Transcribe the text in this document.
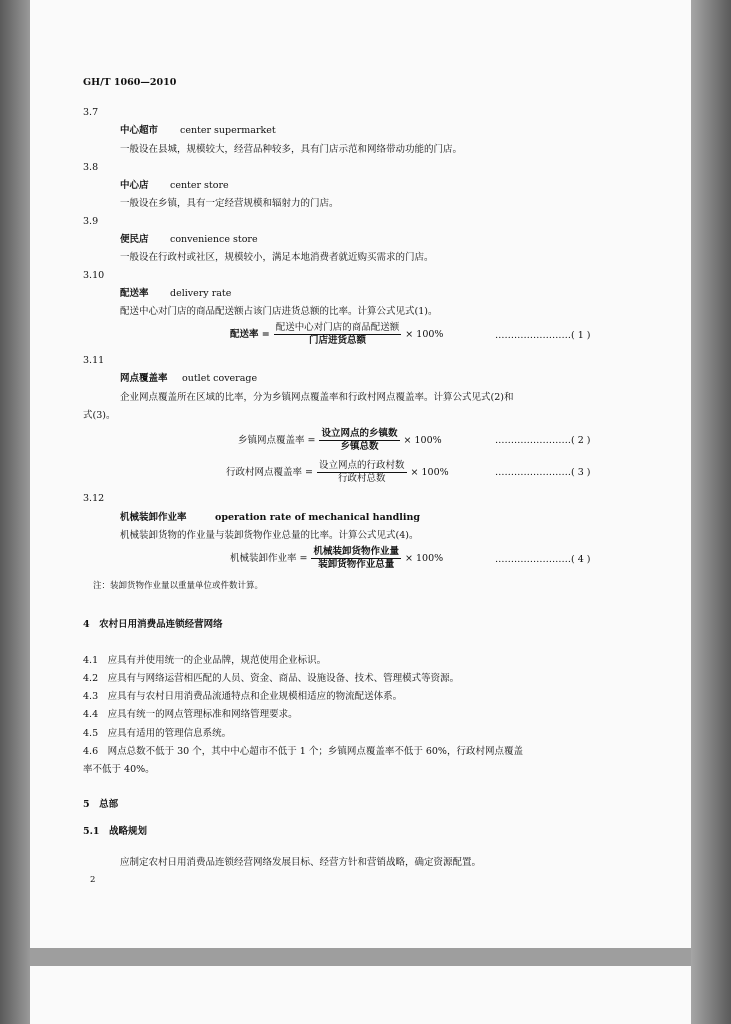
GH/T 1060—2010
3.7
中心超市 center supermarket
一般设在县城，规模较大，经营品种较多，具有门店示范和网络带动功能的门店。
3.8
中心店 center store
一般设在乡镇，具有一定经营规模和辐射力的门店。
3.9
便民店 convenience store
一般设在行政村或社区，规模较小，满足本地消费者就近购买需求的门店。
3.10
配送率 delivery rate
配送中心对门店的商品配送额占该门店进货总额的比率。计算公式见式(1)。
配送率 = $\frac{\text{配送中心对门店的商品配送额}}{\text{门店进货总额}} \times 100\%$	……………………( 1 )
3.11
网点覆盖率 outlet coverage
企业网点覆盖所在区域的比率，分为乡镇网点覆盖率和行政村网点覆盖率。计算公式见式(2)和
式(3)。
乡镇网点覆盖率 = $\frac{\text{设立网点的乡镇数}}{\text{乡镇总数}} \times 100\%$	……………………( 2 )
行政村网点覆盖率 = $\frac{\text{设立网点的行政村数}}{\text{行政村总数}} \times 100\%$	……………………( 3 )
3.12
机械装卸作业率	operation rate of mechanical handling
机械装卸货物的作业量与装卸货物作业总量的比率。计算公式见式(4)。
机械装卸作业率 = $\frac{\text{机械装卸货物作业量}}{\text{装卸货物作业总量}} \times 100\%$	……………………( 4 )
注：装卸货物作业量以重量单位或件数计算。
4　农村日用消费品连锁经营网络
4.1　应具有并使用统一的企业品牌，规范使用企业标识。
4.2　应具有与网络运营相匹配的人员、资金、商品、设施设备、技术、管理模式等资源。
4.3　应具有与农村日用消费品流通特点和企业规模相适应的物流配送体系。
4.4　应具有统一的网点管理标准和网络管理要求。
4.5　应具有适用的管理信息系统。
4.6　网点总数不低于 30 个，其中中心超市不低于 1 个；乡镇网点覆盖率不低于 60%，行政村网点覆盖
率不低于 40%。
5　总部
5.1　战略规划
应制定农村日用消费品连锁经营网络发展目标、经营方针和营销战略，确定资源配置。
2
